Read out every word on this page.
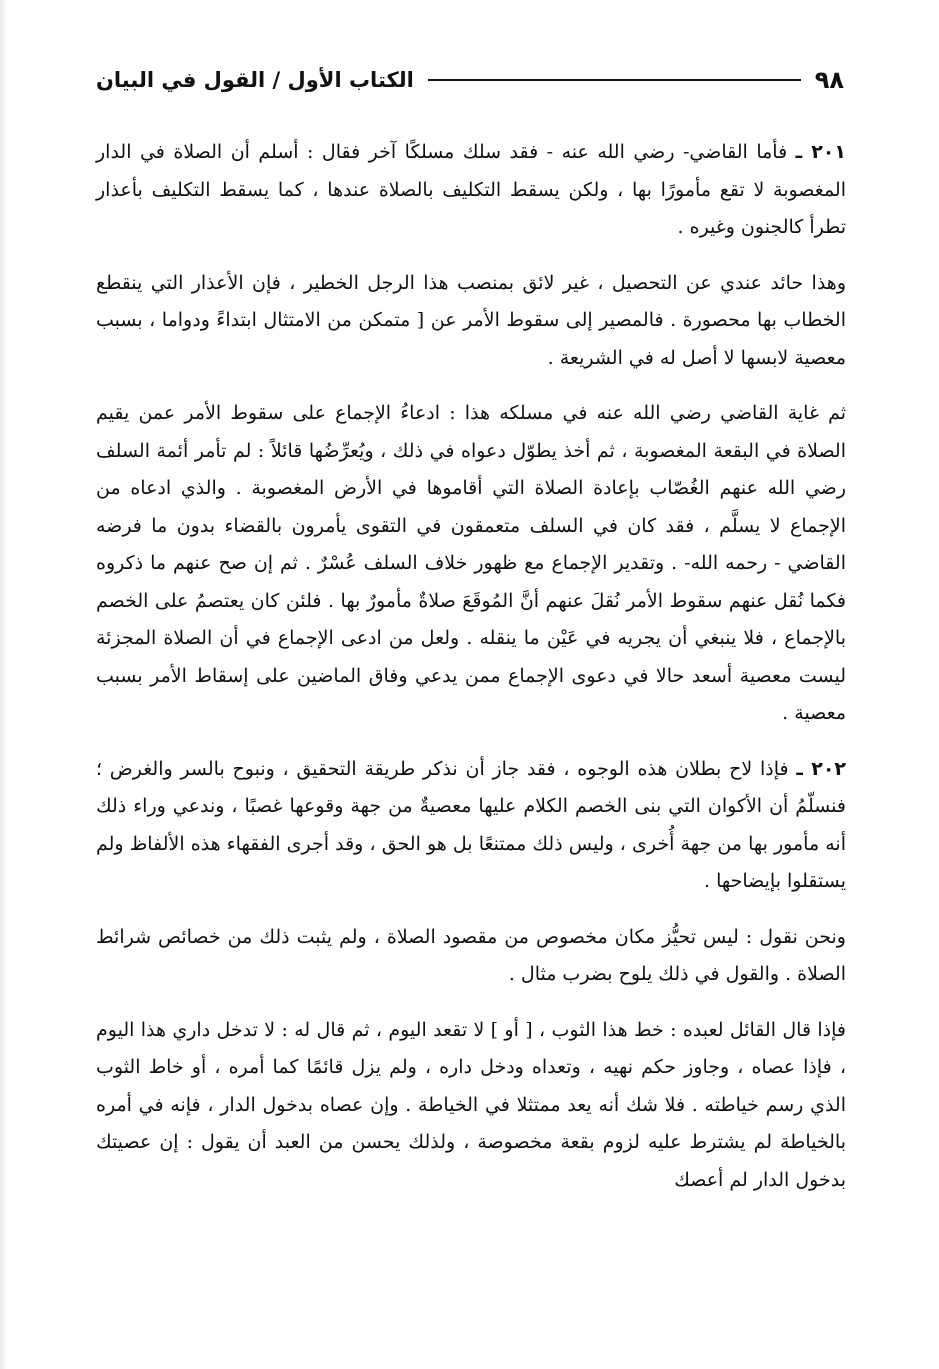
٩٨
الكتاب الأول / القول في البيان

٢٠١ ـ فأما القاضي- رضي الله عنه - فقد سلك مسلكًا آخر فقال : أسلم أن الصلاة في الدار المغصوبة لا تقع مأمورًا بها ، ولكن يسقط التكليف بالصلاة عندها ، كما يسقط التكليف بأعذار تطرأ كالجنون وغيره .

وهذا حائد عندي عن التحصيل ، غير لائق بمنصب هذا الرجل الخطير ، فإن الأعذار التي ينقطع الخطاب بها محصورة . فالمصير إلى سقوط الأمر عن [ متمكن من الامتثال ابتداءً ودواما ، بسبب معصية لابسها لا أصل له في الشريعة .

ثم غاية القاضي رضي الله عنه في مسلكه هذا : ادعاءُ الإجماع على سقوط الأمر عمن يقيم الصلاة في البقعة المغصوبة ، ثم أخذ يطوّل دعواه في ذلك ، ويُعرِّضُها قائلاً : لم تأمر أئمة السلف رضي الله عنهم الغُصّاب بإعادة الصلاة التي أقاموها في الأرض المغصوبة . والذي ادعاه من الإجماع لا يسلَّم ، فقد كان في السلف متعمقون في التقوى يأمرون بالقضاء بدون ما فرضه القاضي - رحمه الله- . وتقدير الإجماع مع ظهور خلاف السلف عُسْرٌ . ثم إن صح عنهم ما ذكروه فكما نُقل عنهم سقوط الأمر نُقلَ عنهم أنَّ المُوقَعَ صلاةٌ مأمورٌ بها . فلئن كان يعتصمُ على الخصم بالإجماع ، فلا ينبغي أن يجريه في عَيْن ما ينقله . ولعل من ادعى الإجماع في أن الصلاة المجزئة ليست معصية أسعد حالا في دعوى الإجماع ممن يدعي وفاق الماضين على إسقاط الأمر بسبب معصية .

٢٠٢ ـ فإذا لاح بطلان هذه الوجوه ، فقد جاز أن نذكر طريقة التحقيق ، ونبوح بالسر والغرض ؛ فنسلّمُ أن الأكوان التي بنى الخصم الكلام عليها معصيةٌ من جهة وقوعها غصبًا ، وندعي وراء ذلك أنه مأمور بها من جهة أُخرى ، وليس ذلك ممتنعًا بل هو الحق ، وقد أجرى الفقهاء هذه الألفاظ ولم يستقلوا بإيضاحها .

ونحن نقول : ليس تحيُّز مكان مخصوص من مقصود الصلاة ، ولم يثبت ذلك من خصائص شرائط الصلاة . والقول في ذلك يلوح بضرب مثال .

فإذا قال القائل لعبده : خط هذا الثوب ، [ أو ] لا تقعد اليوم ، ثم قال له : لا تدخل داري هذا اليوم ، فإذا عصاه ، وجاوز حكم نهيه ، وتعداه ودخل داره ، ولم يزل قائمًا كما أمره ، أو خاط الثوب الذي رسم خياطته . فلا شك أنه يعد ممتثلا في الخياطة . وإن عصاه بدخول الدار ، فإنه في أمره بالخياطة لم يشترط عليه لزوم بقعة مخصوصة ، ولذلك يحسن من العبد أن يقول : إن عصيتك بدخول الدار لم أعصك
